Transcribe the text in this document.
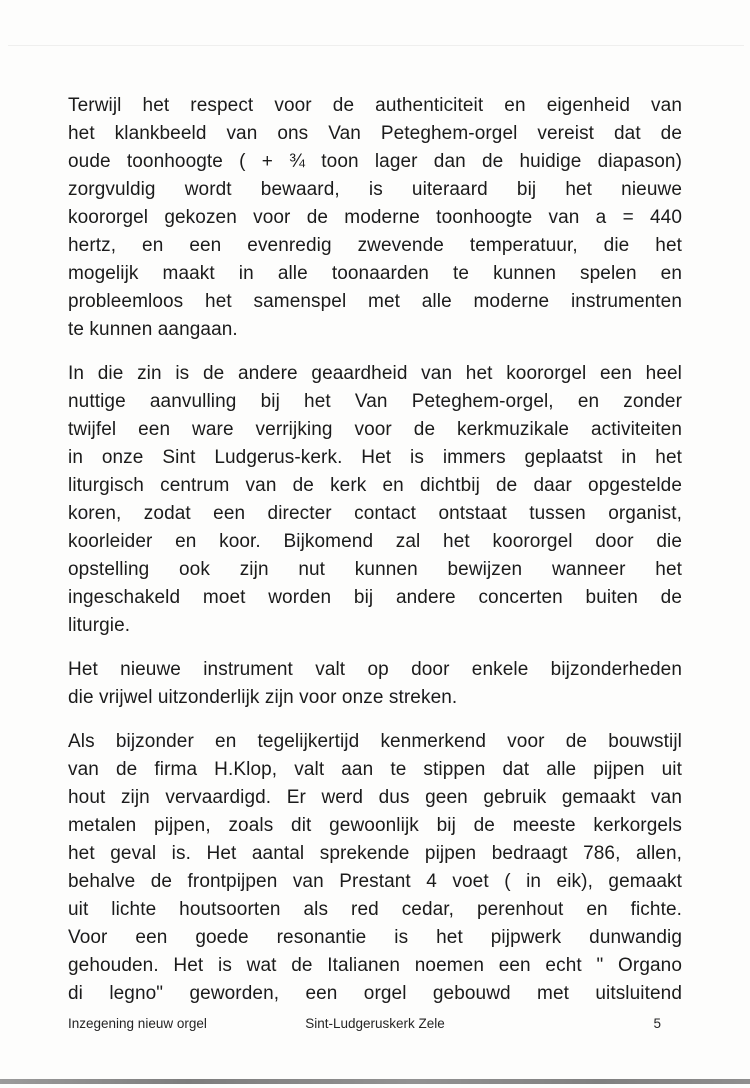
Terwijl het respect voor de authenticiteit en eigenheid van
het klankbeeld van ons Van Peteghem-orgel vereist dat de
oude toonhoogte ( + ¾ toon lager dan de huidige diapason)
zorgvuldig wordt bewaard, is uiteraard bij het nieuwe
koororgel gekozen voor de moderne toonhoogte van a = 440
hertz, en een evenredig zwevende temperatuur, die het
mogelijk maakt in alle toonaarden te kunnen spelen en
probleemloos het samenspel met alle moderne instrumenten
te kunnen aangaan.
In die zin is de andere geaardheid van het koororgel een heel
nuttige aanvulling bij het Van Peteghem-orgel, en zonder
twijfel een ware verrijking voor de kerkmuzikale activiteiten
in onze Sint Ludgerus-kerk. Het is immers geplaatst in het
liturgisch centrum van de kerk en dichtbij de daar opgestelde
koren, zodat een directer contact ontstaat tussen organist,
koorleider en koor. Bijkomend zal het koororgel door die
opstelling ook zijn nut kunnen bewijzen wanneer het
ingeschakeld moet worden bij andere concerten buiten de
liturgie.
Het nieuwe instrument valt op door enkele bijzonderheden
die vrijwel uitzonderlijk zijn voor onze streken.
Als bijzonder en tegelijkertijd kenmerkend voor de bouwstijl
van de firma H.Klop, valt aan te stippen dat alle pijpen uit
hout zijn vervaardigd. Er werd dus geen gebruik gemaakt van
metalen pijpen, zoals dit gewoonlijk bij de meeste kerkorgels
het geval is. Het aantal sprekende pijpen bedraagt 786, allen,
behalve de frontpijpen van Prestant 4 voet ( in eik), gemaakt
uit lichte houtsoorten als red cedar, perenhout en fichte.
Voor een goede resonantie is het pijpwerk dunwandig
gehouden. Het is wat de Italianen noemen een echt " Organo
di legno" geworden, een orgel gebouwd met uitsluitend
Inzegening nieuw orgel	Sint-Ludgeruskerk Zele	5
